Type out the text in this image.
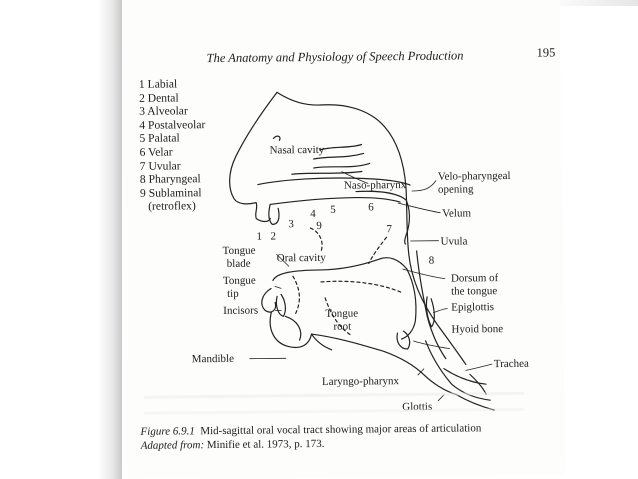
The Anatomy and Physiology of Speech Production	195
1 Labial
2 Dental
3 Alveolar
4 Postalveolar
5 Palatal
6 Velar
7 Uvular
8 Pharyngeal
9 Sublaminal
(retroflex)
1 2
3
4 5	6
7
8
9
Nasal cavity
Naso-pharynx
Velo-pharyngeal
opening
Velum
Uvula
Tongue
blade Oral cavity
Tongue
tip
Incisors
Dorsum of
the tongue
Epiglottis
Tongue
root	Hyoid bone
Mandible	Trachea
Laryngo-pharynx
Glottis
Figure 6.9.1 Mid-sagittal oral vocal tract showing major areas of articulation
Adapted from: Minifie et al. 1973, p. 173.
